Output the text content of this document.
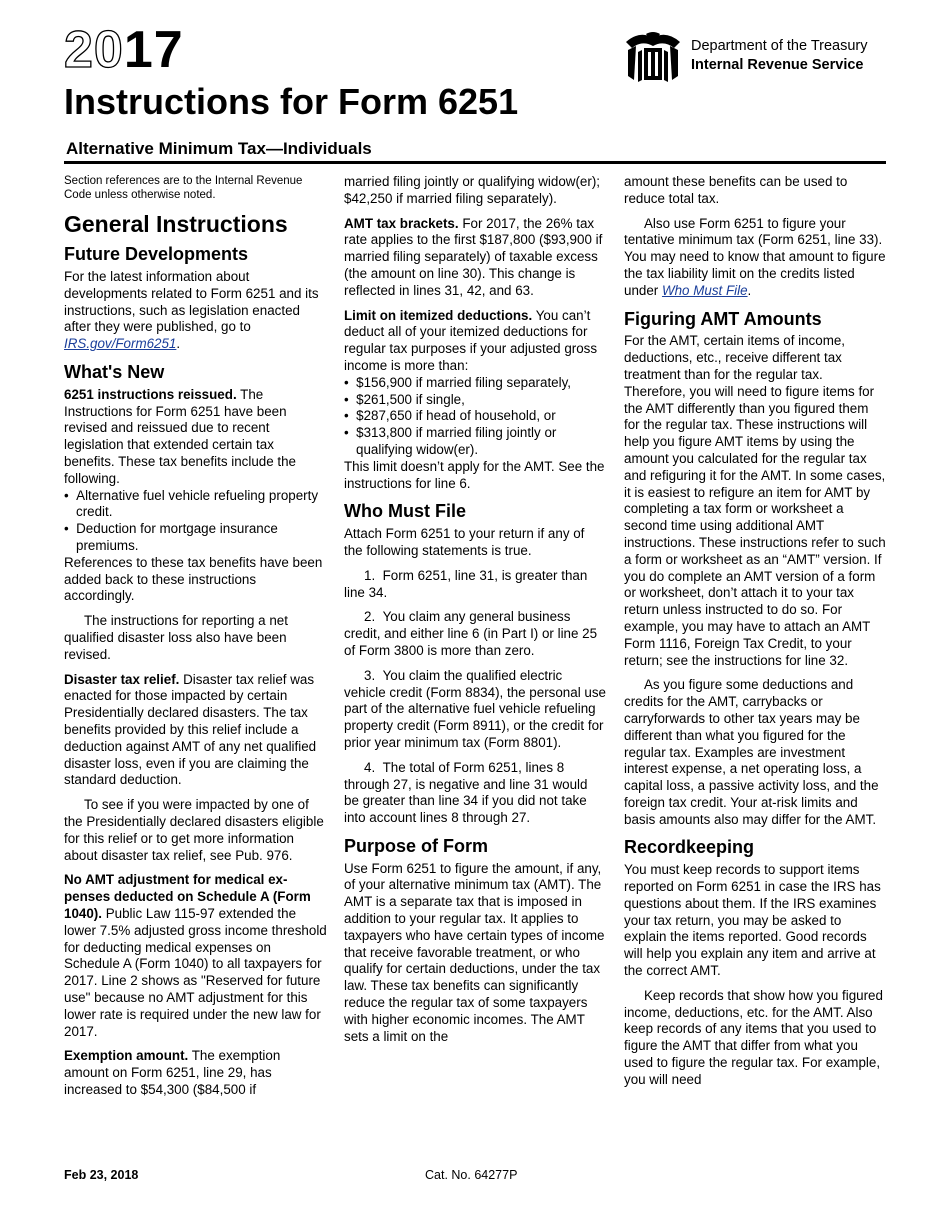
2017
Instructions for Form 6251
Alternative Minimum Tax—Individuals
Department of the Treasury
Internal Revenue Service

Section references are to the Internal Revenue Code unless otherwise noted.

General Instructions
Future Developments

For the latest information about developments related to Form 6251 and its instructions, such as legislation enacted after they were published, go to IRS.gov/Form6251.

What's New

6251 instructions reissued. The Instructions for Form 6251 have been revised and reissued due to recent legislation that extended certain tax benefits. These tax benefits include the following.

•  Alternative fuel vehicle refueling property credit.
•  Deduction for mortgage insurance premiums.

References to these tax benefits have been added back to these instructions accordingly.

The instructions for reporting a net qualified disaster loss also have been revised.

Disaster tax relief. Disaster tax relief was enacted for those impacted by certain Presidentially declared disasters. The tax benefits provided by this relief include a deduction against AMT of any net qualified disaster loss, even if you are claiming the standard deduction.

To see if you were impacted by one of the Presidentially declared disasters eligible for this relief or to get more information about disaster tax relief, see Pub. 976.

No AMT adjustment for medical ex-penses deducted on Schedule A (Form 1040). Public Law 115-97 extended the lower 7.5% adjusted gross income threshold for deducting medical expenses on Schedule A (Form 1040) to all taxpayers for 2017. Line 2 shows as "Reserved for future use" because no AMT adjustment for this lower rate is required under the new law for 2017.

Exemption amount. The exemption amount on Form 6251, line 29, has increased to $54,300 ($84,500 if

married filing jointly or qualifying widow(er); $42,250 if married filing separately).

AMT tax brackets. For 2017, the 26% tax rate applies to the first $187,800 ($93,900 if married filing separately) of taxable excess (the amount on line 30). This change is reflected in lines 31, 42, and 63.

Limit on itemized deductions. You can’t deduct all of your itemized deductions for regular tax purposes if your adjusted gross income is more than:

•  $156,900 if married filing separately,
•  $261,500 if single,
•  $287,650 if head of household, or
•  $313,800 if married filing jointly or qualifying widow(er).

This limit doesn’t apply for the AMT. See the instructions for line 6.

Who Must File

Attach Form 6251 to your return if any of the following statements is true.

1.  Form 6251, line 31, is greater than line 34.

2.  You claim any general business credit, and either line 6 (in Part I) or line 25 of Form 3800 is more than zero.

3.  You claim the qualified electric vehicle credit (Form 8834), the personal use part of the alternative fuel vehicle refueling property credit (Form 8911), or the credit for prior year minimum tax (Form 8801).

4.  The total of Form 6251, lines 8 through 27, is negative and line 31 would be greater than line 34 if you did not take into account lines 8 through 27.

Purpose of Form

Use Form 6251 to figure the amount, if any, of your alternative minimum tax (AMT). The AMT is a separate tax that is imposed in addition to your regular tax. It applies to taxpayers who have certain types of income that receive favorable treatment, or who qualify for certain deductions, under the tax law. These tax benefits can significantly reduce the regular tax of some taxpayers with higher economic incomes. The AMT sets a limit on the

amount these benefits can be used to reduce total tax.

Also use Form 6251 to figure your tentative minimum tax (Form 6251, line 33). You may need to know that amount to figure the tax liability limit on the credits listed under Who Must File.

Figuring AMT Amounts

For the AMT, certain items of income, deductions, etc., receive different tax treatment than for the regular tax. Therefore, you will need to figure items for the AMT differently than you figured them for the regular tax. These instructions will help you figure AMT items by using the amount you calculated for the regular tax and refiguring it for the AMT. In some cases, it is easiest to refigure an item for AMT by completing a tax form or worksheet a second time using additional AMT instructions. These instructions refer to such a form or worksheet as an “AMT” version. If you do complete an AMT version of a form or worksheet, don’t attach it to your tax return unless instructed to do so. For example, you may have to attach an AMT Form 1116, Foreign Tax Credit, to your return; see the instructions for line 32.

As you figure some deductions and credits for the AMT, carrybacks or carryforwards to other tax years may be different than what you figured for the regular tax. Examples are investment interest expense, a net operating loss, a capital loss, a passive activity loss, and the foreign tax credit. Your at-risk limits and basis amounts also may differ for the AMT.

Recordkeeping

You must keep records to support items reported on Form 6251 in case the IRS has questions about them. If the IRS examines your tax return, you may be asked to explain the items reported. Good records will help you explain any item and arrive at the correct AMT.

Keep records that show how you figured income, deductions, etc. for the AMT. Also keep records of any items that you used to figure the AMT that differ from what you used to figure the regular tax. For example, you will need

Feb 23, 2018	Cat. No. 64277P
